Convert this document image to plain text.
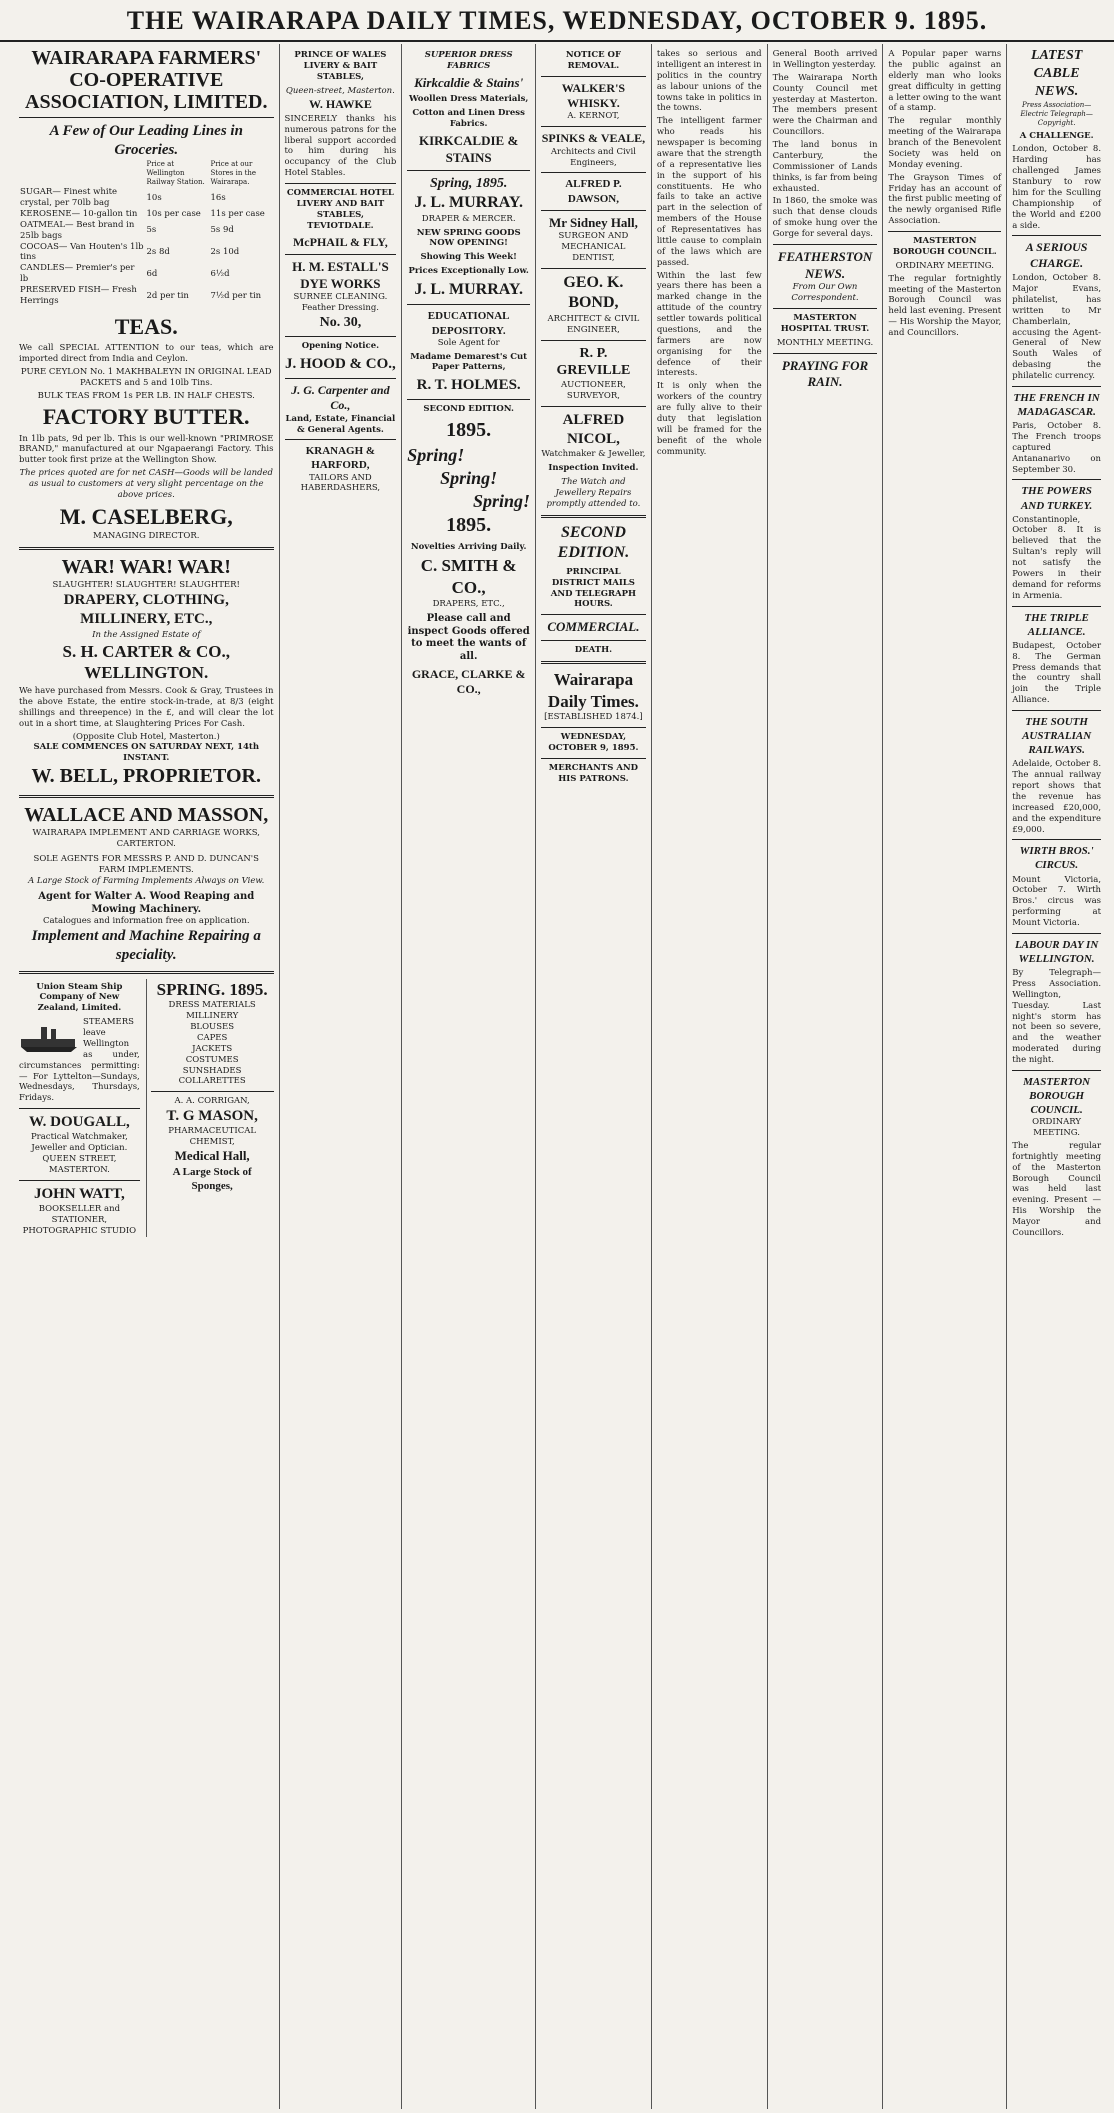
THE WAIRARAPA DAILY TIMES, WEDNESDAY, OCTOBER 9. 1895.
WAIRARAPA FARMERS' CO-OPERATIVE ASSOCIATION, LIMITED.
A Few of Our Leading Lines in Groceries.
	Price at Wellington Railway Station.	Price at our Stores in the Wairarapa.
SUGAR— Finest white crystal, per 70lb bag	10s	16s
KEROSENE— 10-gallon tin	10s per case	11s per case
OATMEAL— Best brand in 25lb bags	5s	5s 9d
COCOAS— Van Houten's 1lb tins	2s 8d	2s 10d
CANDLES— Premier's per lb	6d	6½d
PRESERVED FISH— Fresh Herrings	2d per tin	7½d per tin
TEAS.

We call SPECIAL ATTENTION to our teas, which are imported direct from India and Ceylon.

PURE CEYLON No. 1 MAKHBALEYN IN ORIGINAL LEAD PACKETS and 5 and 10lb Tins.

BULK TEAS FROM 1s PER LB. IN HALF CHESTS.

FACTORY BUTTER.

In 1lb pats, 9d per lb. This is our well-known "PRIMROSE BRAND," manufactured at our Ngapaerangi Factory. This butter took first prize at the Wellington Show.

The prices quoted are for net CASH—Goods will be landed as usual to customers at very slight percentage on the above prices.

M. CASELBERG,
MANAGING DIRECTOR.
WAR! WAR! WAR!
SLAUGHTER! SLAUGHTER! SLAUGHTER!
DRAPERY, CLOTHING, MILLINERY, ETC.,
In the Assigned Estate of
S. H. CARTER & CO., WELLINGTON.

We have purchased from Messrs. Cook & Gray, Trustees in the above Estate, the entire stock-in-trade, at 8/3 (eight shillings and threepence) in the £, and will clear the lot out in a short time, at Slaughtering Prices For Cash.

(Opposite Club Hotel, Masterton.)
SALE COMMENCES ON SATURDAY NEXT, 14th INSTANT.
W. BELL, PROPRIETOR.
WALLACE AND MASSON,
WAIRARAPA IMPLEMENT AND CARRIAGE WORKS, CARTERTON.
SOLE AGENTS FOR MESSRS P. AND D. DUNCAN'S FARM IMPLEMENTS.
A Large Stock of Farming Implements Always on View.
Agent for Walter A. Wood Reaping and Mowing Machinery.
Catalogues and information free on application.
Implement and Machine Repairing a speciality.
Union Steam Ship Company of New Zealand, Limited.

STEAMERS leave Wellington as under, circumstances permitting:— For Lyttelton—Sundays, Wednesdays, Thursdays, Fridays.

W. DOUGALL,
Practical Watchmaker, Jeweller and Optician.
QUEEN STREET, MASTERTON.
JOHN WATT,
BOOKSELLER and STATIONER,
PHOTOGRAPHIC STUDIO
SPRING. 1895.
DRESS MATERIALS
MILLINERY
BLOUSES
CAPES
JACKETS
COSTUMES
SUNSHADES
COLLARETTES
A. A. CORRIGAN,
T. G MASON,
PHARMACEUTICAL CHEMIST,
Medical Hall,
A Large Stock of Sponges,
PRINCE OF WALES LIVERY & BAIT STABLES,
Queen-street, Masterton.
W. HAWKE

SINCERELY thanks his numerous patrons for the liberal support accorded to him during his occupancy of the Club Hotel Stables.

COMMERCIAL HOTEL LIVERY AND BAIT STABLES, TEVIOTDALE.
McPHAIL & FLY,
H. M. ESTALL'S DYE WORKS
SURNEE CLEANING.
Feather Dressing.
No. 30,
Opening Notice.
J. HOOD & CO.,
J. G. Carpenter and Co.,
Land, Estate, Financial & General Agents.
KRANAGH & HARFORD,
TAILORS AND HABERDASHERS,
SUPERIOR DRESS FABRICS
Kirkcaldie & Stains'
Woollen Dress Materials,
Cotton and Linen Dress Fabrics.
KIRKCALDIE & STAINS
Spring, 1895.
J. L. MURRAY.
DRAPER & MERCER.
NEW SPRING GOODS NOW OPENING!
Showing This Week!
Prices Exceptionally Low.
J. L. MURRAY.
EDUCATIONAL DEPOSITORY.
Sole Agent for
Madame Demarest's Cut Paper Patterns,
R. T. HOLMES.
SECOND EDITION.
1895.
Spring!
Spring!
Spring!
1895.
Novelties Arriving Daily.
C. SMITH & CO.,
DRAPERS, ETC.,
Please call and inspect Goods offered to meet the wants of all.
GRACE, CLARKE & CO.,
NOTICE OF REMOVAL.
WALKER'S WHISKY.
A. KERNOT,
SPINKS & VEALE,
Architects and Civil Engineers,
ALFRED P. DAWSON,
Mr Sidney Hall,
SURGEON AND MECHANICAL DENTIST,
GEO. K. BOND,
ARCHITECT & CIVIL ENGINEER,
R. P. GREVILLE
AUCTIONEER, SURVEYOR,
ALFRED NICOL,
Watchmaker & Jeweller,
Inspection Invited.
The Watch and Jewellery Repairs promptly attended to.
SECOND EDITION.
PRINCIPAL DISTRICT MAILS AND TELEGRAPH HOURS.
COMMERCIAL.
DEATH.
Wairarapa Daily Times.
[ESTABLISHED 1874.]
WEDNESDAY, OCTOBER 9, 1895.
MERCHANTS AND HIS PATRONS.

takes so serious and intelligent an interest in politics in the country as labour unions of the towns take in politics in the towns.

The intelligent farmer who reads his newspaper is becoming aware that the strength of a representative lies in the support of his constituents. He who fails to take an active part in the selection of members of the House of Representatives has little cause to complain of the laws which are passed.

Within the last few years there has been a marked change in the attitude of the country settler towards political questions, and the farmers are now organising for the defence of their interests.

It is only when the workers of the country are fully alive to their duty that legislation will be framed for the benefit of the whole community.

General Booth arrived in Wellington yesterday.

The Wairarapa North County Council met yesterday at Masterton. The members present were the Chairman and Councillors.

The land bonus in Canterbury, the Commissioner of Lands thinks, is far from being exhausted.

In 1860, the smoke was such that dense clouds of smoke hung over the Gorge for several days.

FEATHERSTON NEWS.
From Our Own Correspondent.
MASTERTON HOSPITAL TRUST.
MONTHLY MEETING.
PRAYING FOR RAIN.

A Popular paper warns the public against an elderly man who looks great difficulty in getting a letter owing to the want of a stamp.

The regular monthly meeting of the Wairarapa branch of the Benevolent Society was held on Monday evening.

The Grayson Times of Friday has an account of the first public meeting of the newly organised Rifle Association.

MASTERTON BOROUGH COUNCIL.
ORDINARY MEETING.

The regular fortnightly meeting of the Masterton Borough Council was held last evening. Present — His Worship the Mayor, and Councillors.

LATEST CABLE NEWS.
Press Association—Electric Telegraph—Copyright.
A CHALLENGE.

London, October 8. Harding has challenged James Stanbury to row him for the Sculling Championship of the World and £200 a side.

A SERIOUS CHARGE.

London, October 8. Major Evans, philatelist, has written to Mr Chamberlain, accusing the Agent-General of New South Wales of debasing the philatelic currency.

THE FRENCH IN MADAGASCAR.

Paris, October 8. The French troops captured Antananarivo on September 30.

THE POWERS AND TURKEY.

Constantinople, October 8. It is believed that the Sultan's reply will not satisfy the Powers in their demand for reforms in Armenia.

THE TRIPLE ALLIANCE.

Budapest, October 8. The German Press demands that the country shall join the Triple Alliance.

THE SOUTH AUSTRALIAN RAILWAYS.

Adelaide, October 8. The annual railway report shows that the revenue has increased £20,000, and the expenditure £9,000.

WIRTH BROS.' CIRCUS.

Mount Victoria, October 7. Wirth Bros.' circus was performing at Mount Victoria.

LABOUR DAY IN WELLINGTON.

By Telegraph—Press Association. Wellington, Tuesday. Last night's storm has not been so severe, and the weather moderated during the night.

MASTERTON BOROUGH COUNCIL.
ORDINARY MEETING.

The regular fortnightly meeting of the Masterton Borough Council was held last evening. Present — His Worship the Mayor and Councillors.
